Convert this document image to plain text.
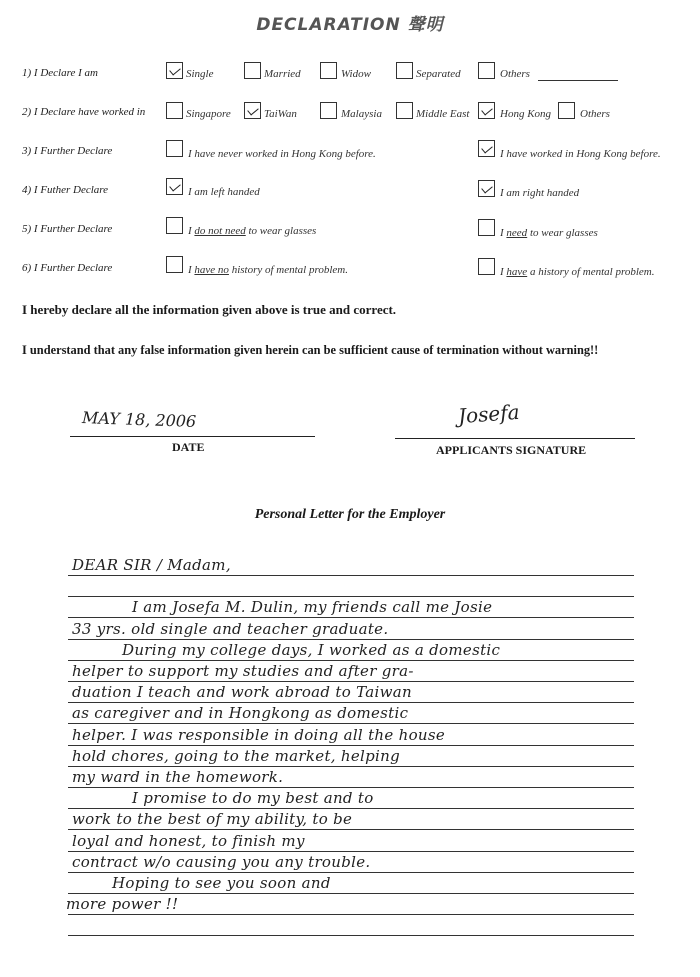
DECLARATION 聲明
1) I Declare I am	Single	Married	Widow	Separated	Others
2) I Declare have worked in	Singapore	TaiWan	Malaysia	Middle East	Hong Kong	Others
3) I Further Declare	I have never worked in Hong Kong before.	I have worked in Hong Kong before.
4) I Futher Declare	I am left handed	I am right handed
5) I Further Declare	I do not need to wear glasses	I need to wear glasses
6) I Further Declare	I have no history of mental problem.	I have a history of mental problem.
I hereby declare all the information given above is true and correct.
I understand that any false information given herein can be sufficient cause of termination without warning!!
MAY 18, 2006
DATE
Josefa
APPLICANTS SIGNATURE
Personal Letter for the Employer
DEAR SIR / Madam,
I am Josefa M. Dulin, my friends call me Josie
33 yrs. old single and teacher graduate.
During my college days, I worked as a domestic
helper to support my studies and after gra-
duation I teach and work abroad to Taiwan
as caregiver and in Hongkong as domestic
helper. I was responsible in doing all the house
hold chores, going to the market, helping
my ward in the homework.
I promise to do my best and to
work to the best of my ability, to be
loyal and honest, to finish my
contract w/o causing you any trouble.
Hoping to see you soon and
more power !!
